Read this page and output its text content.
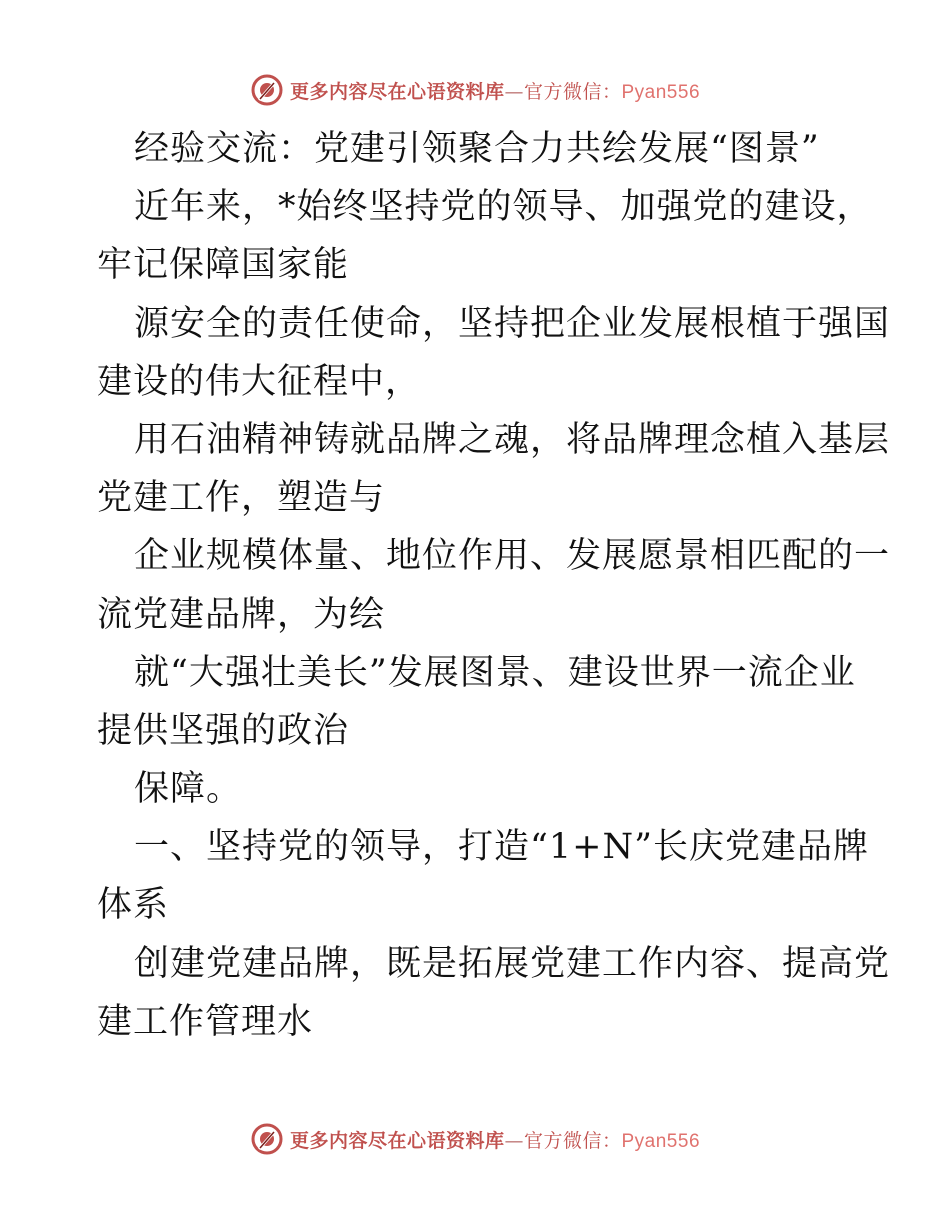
更多内容尽在心语资料库—官方微信：Pyan556
经验交流：党建引领聚合力共绘发展“图景”
近年来，*始终坚持党的领导、加强党的建设，
牢记保障国家能
源安全的责任使命，坚持把企业发展根植于强国
建设的伟大征程中，
用石油精神铸就品牌之魂，将品牌理念植入基层
党建工作，塑造与
企业规模体量、地位作用、发展愿景相匹配的一
流党建品牌，为绘
就“大强壮美长”发展图景、建设世界一流企业
提供坚强的政治
保障。
一、坚持党的领导，打造“1+N”长庆党建品牌
体系
创建党建品牌，既是拓展党建工作内容、提高党
建工作管理水
更多内容尽在心语资料库—官方微信：Pyan556
